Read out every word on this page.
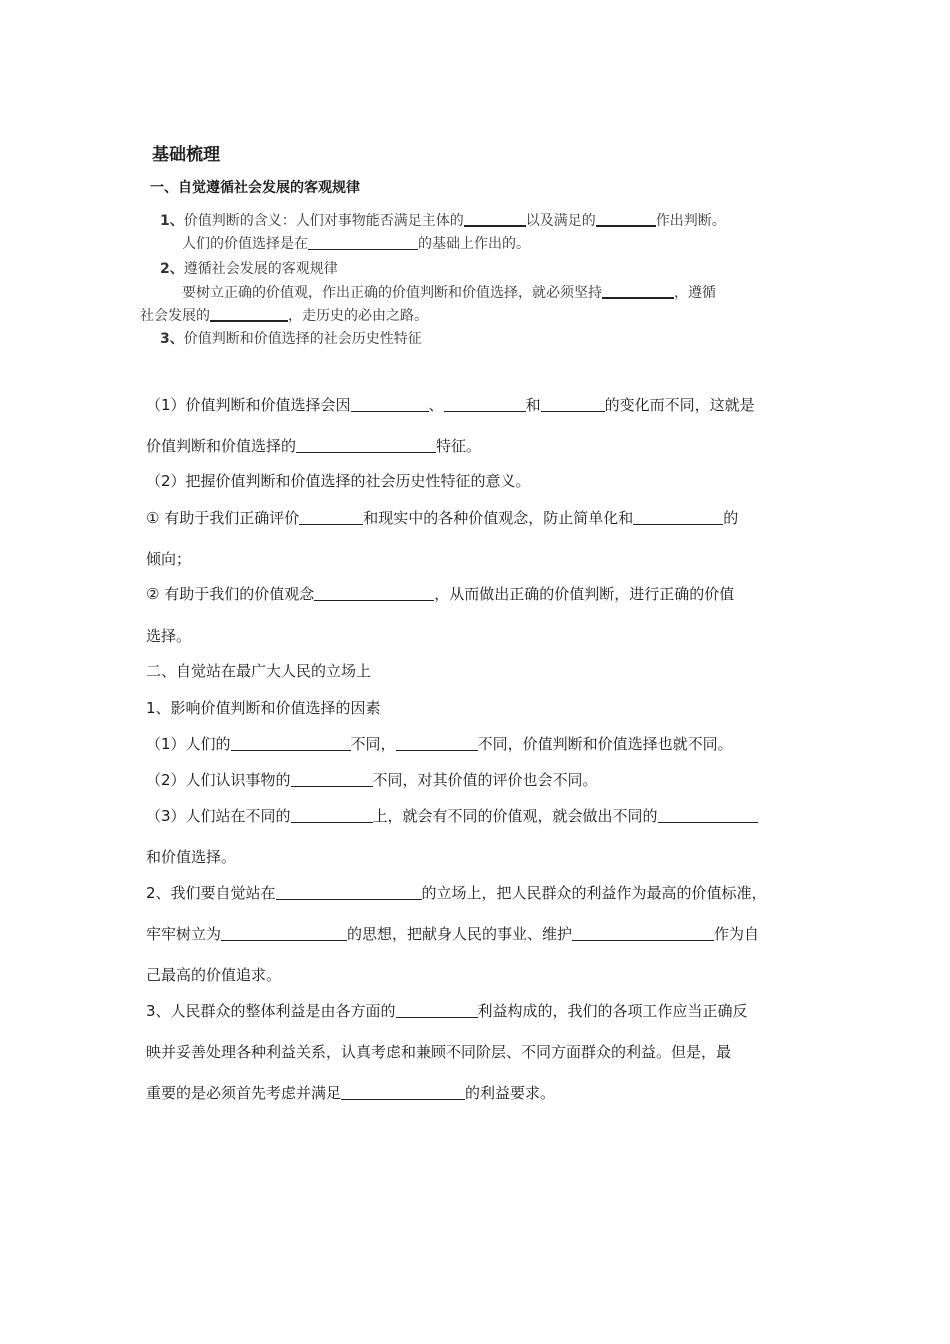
基础梳理
一、自觉遵循社会发展的客观规律
1、价值判断的含义：人们对事物能否满足主体的	以及满足的	作出判断。
人们的价值选择是在	的基础上作出的。
2、遵循社会发展的客观规律
要树立正确的价值观，作出正确的价值判断和价值选择，就必须坚持	，遵循
社会发展的	，走历史的必由之路。
3、价值判断和价值选择的社会历史性特征
（1）价值判断和价值选择会因	、	和	的变化而不同，这就是
价值判断和价值选择的	特征。
（2）把握价值判断和价值选择的社会历史性特征的意义。
① 有助于我们正确评价	和现实中的各种价值观念，防止简单化和	的
倾向；
② 有助于我们的价值观念	，从而做出正确的价值判断，进行正确的价值
选择。
二、自觉站在最广大人民的立场上
1、影响价值判断和价值选择的因素
（1）人们的	不同，	不同，价值判断和价值选择也就不同。
（2）人们认识事物的	不同，对其价值的评价也会不同。
（3）人们站在不同的	上，就会有不同的价值观，就会做出不同的
和价值选择。
2、我们要自觉站在	的立场上，把人民群众的利益作为最高的价值标准，
牢牢树立为	的思想，把献身人民的事业、维护	作为自
己最高的价值追求。
3、人民群众的整体利益是由各方面的	利益构成的，我们的各项工作应当正确反
映并妥善处理各种利益关系，认真考虑和兼顾不同阶层、不同方面群众的利益。但是，最
重要的是必须首先考虑并满足	的利益要求。
